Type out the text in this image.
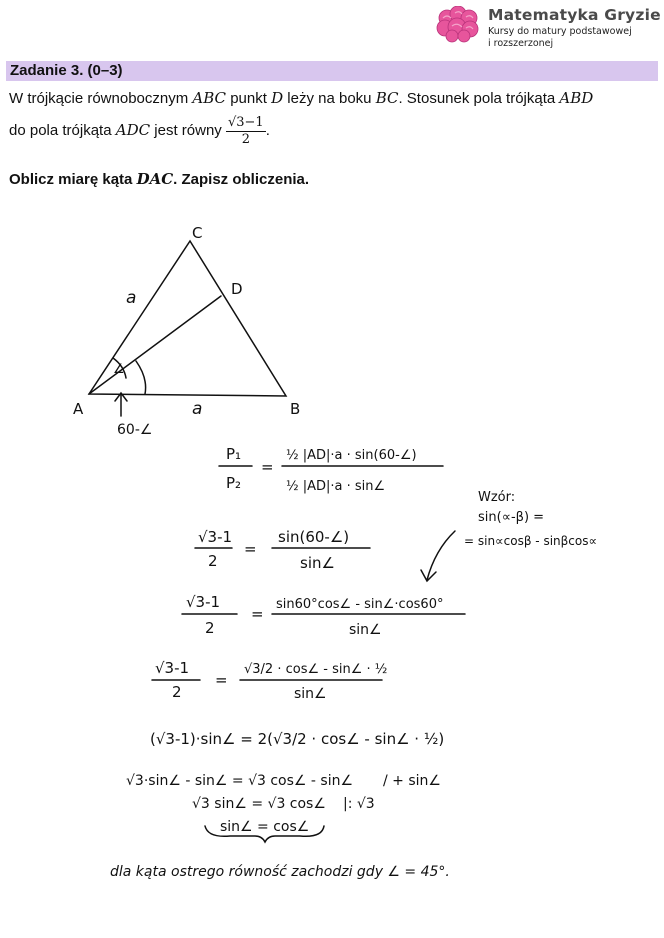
Matematyka Gryzie
Kursy do matury podstawowej
i rozszerzonej
Zadanie 3. (0–3)
W trójkącie równobocznym ABC punkt D leży na boku BC. Stosunek pola trójkąta ABD
do pola trójkąta ADC jest równy $\frac{√3-1}{2}$ .
Oblicz miarę kąta DAC. Zapisz obliczenia.
A	B
C
D
a
a
∠
60-∠
P₁
P₂
=
½ |AD|·a · sin(60-∠)
½ |AD|·a · sin∠
Wzór:
sin(∝-β) =
= sin∝cosβ - sinβcos∝
√3-1
2
=
sin(60-∠)
sin∠
√3-1
2
=
sin60°cos∠ - sin∠·cos60°
sin∠
√3-1
2
=
√3/2 · cos∠ - sin∠ · ½
sin∠
(√3-1)·sin∠ = 2(√3/2 · cos∠ - sin∠ · ½)
√3·sin∠ - sin∠ = √3 cos∠ - sin∠ / + sin∠
√3 sin∠ = √3 cos∠ |: √3
sin∠ = cos∠
dla kąta ostrego równość zachodzi gdy ∠ = 45°.
